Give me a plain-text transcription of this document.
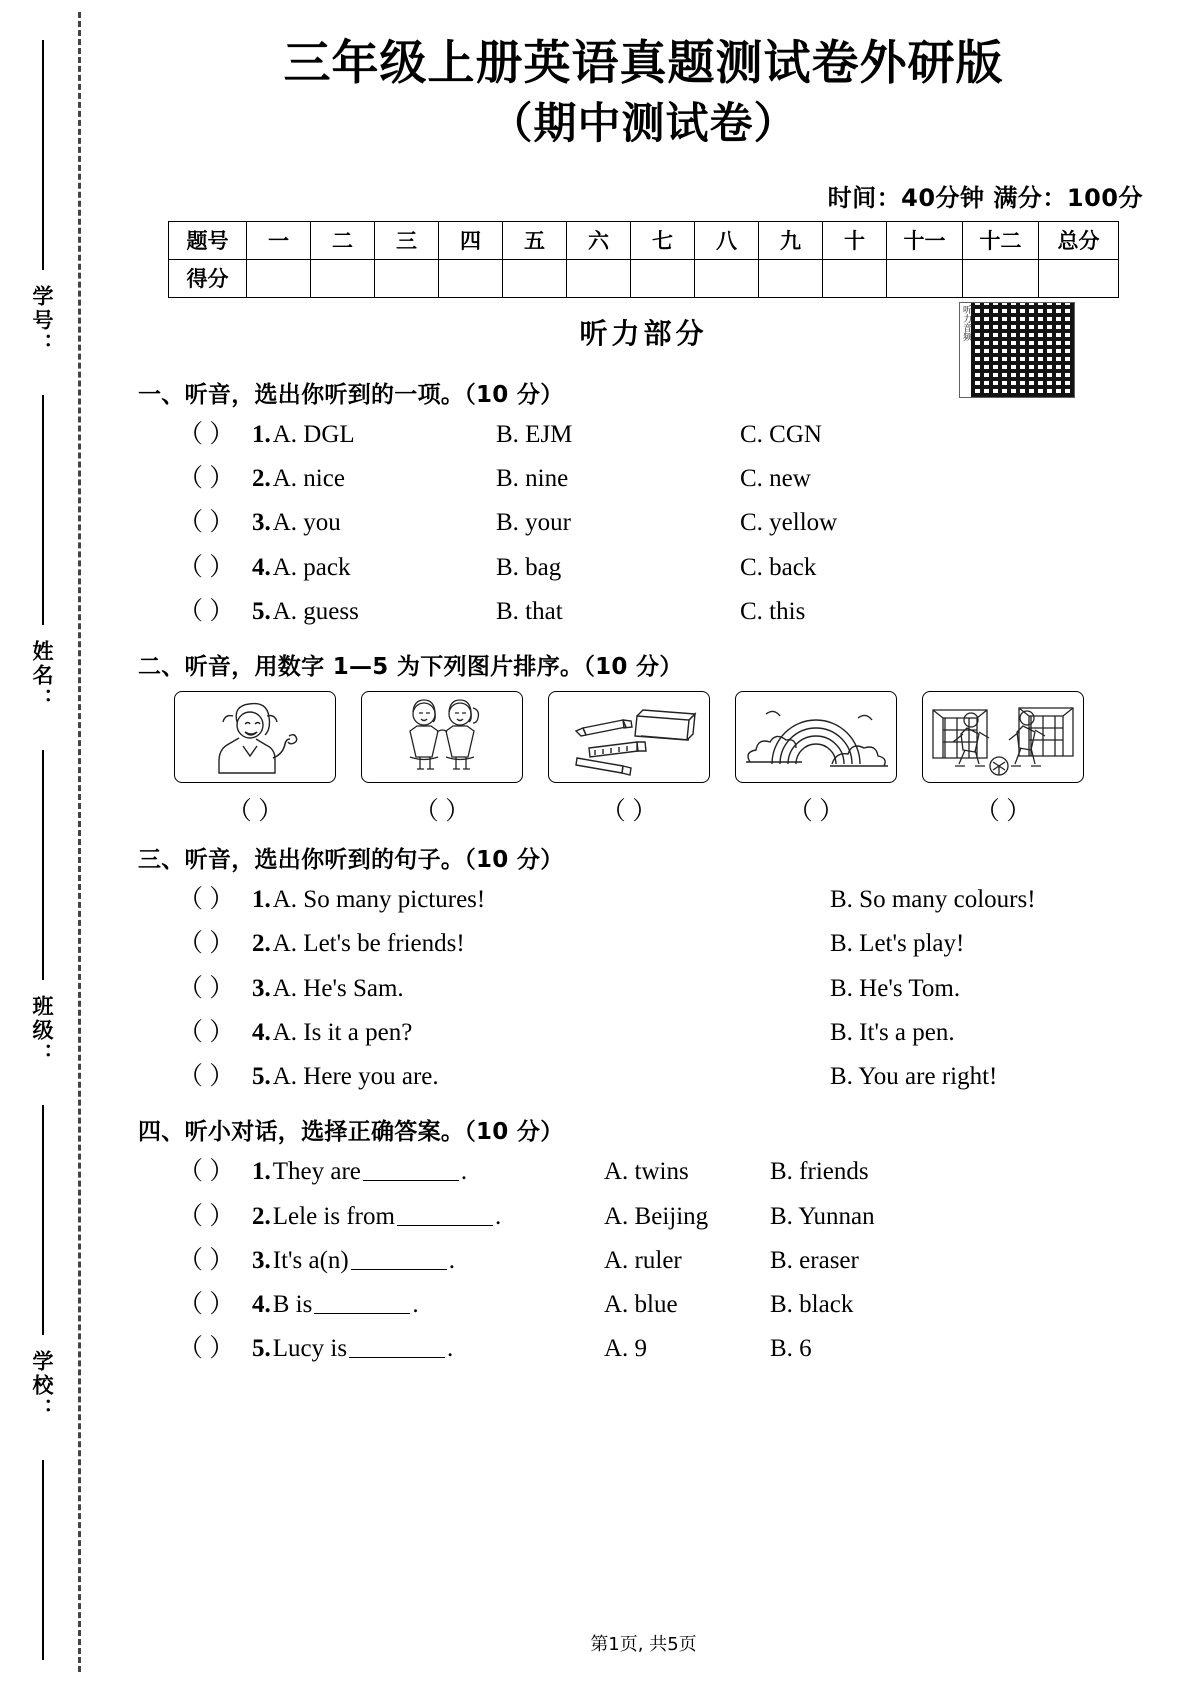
学号：
姓名：
班级：
学校：
三年级上册英语真题测试卷外研版
（期中测试卷）
时间：40分钟 满分：100分
题号	一	二	三	四	五	六	七	八	九	十	十一	十二	总分
得分													
听力部分	听力音频
一、听音，选出你听到的一项。（10 分）
（ ） 1.A. DGL	B. EJM	C. CGN
（ ） 2.A. nice	B. nine	C. new
（ ） 3.A. you	B. your	C. yellow
（ ） 4.A. pack	B. bag	C. back
（ ） 5.A. guess	B. that	C. this
二、听音，用数字 1—5 为下列图片排序。（10 分）
（ ）	（ ）	（ ）	（ ）	（ ）
三、听音，选出你听到的句子。（10 分）
（ ） 1.A. So many pictures!	B. So many colours!
（ ） 2.A. Let's be friends!	B. Let's play!
（ ） 3.A. He's Sam.	B. He's Tom.
（ ） 4.A. Is it a pen?	B. It's a pen.
（ ） 5.A. Here you are.	B. You are right!
四、听小对话，选择正确答案。（10 分）
（ ） 1.They are	.	A. twins	B. friends
（ ） 2.Lele is from	.	A. Beijing	B. Yunnan
（ ） 3.It's a(n)	.	A. ruler	B. eraser
（ ） 4.B is	.	A. blue	B. black
（ ） 5.Lucy is	.	A. 9	B. 6
第1页, 共5页
